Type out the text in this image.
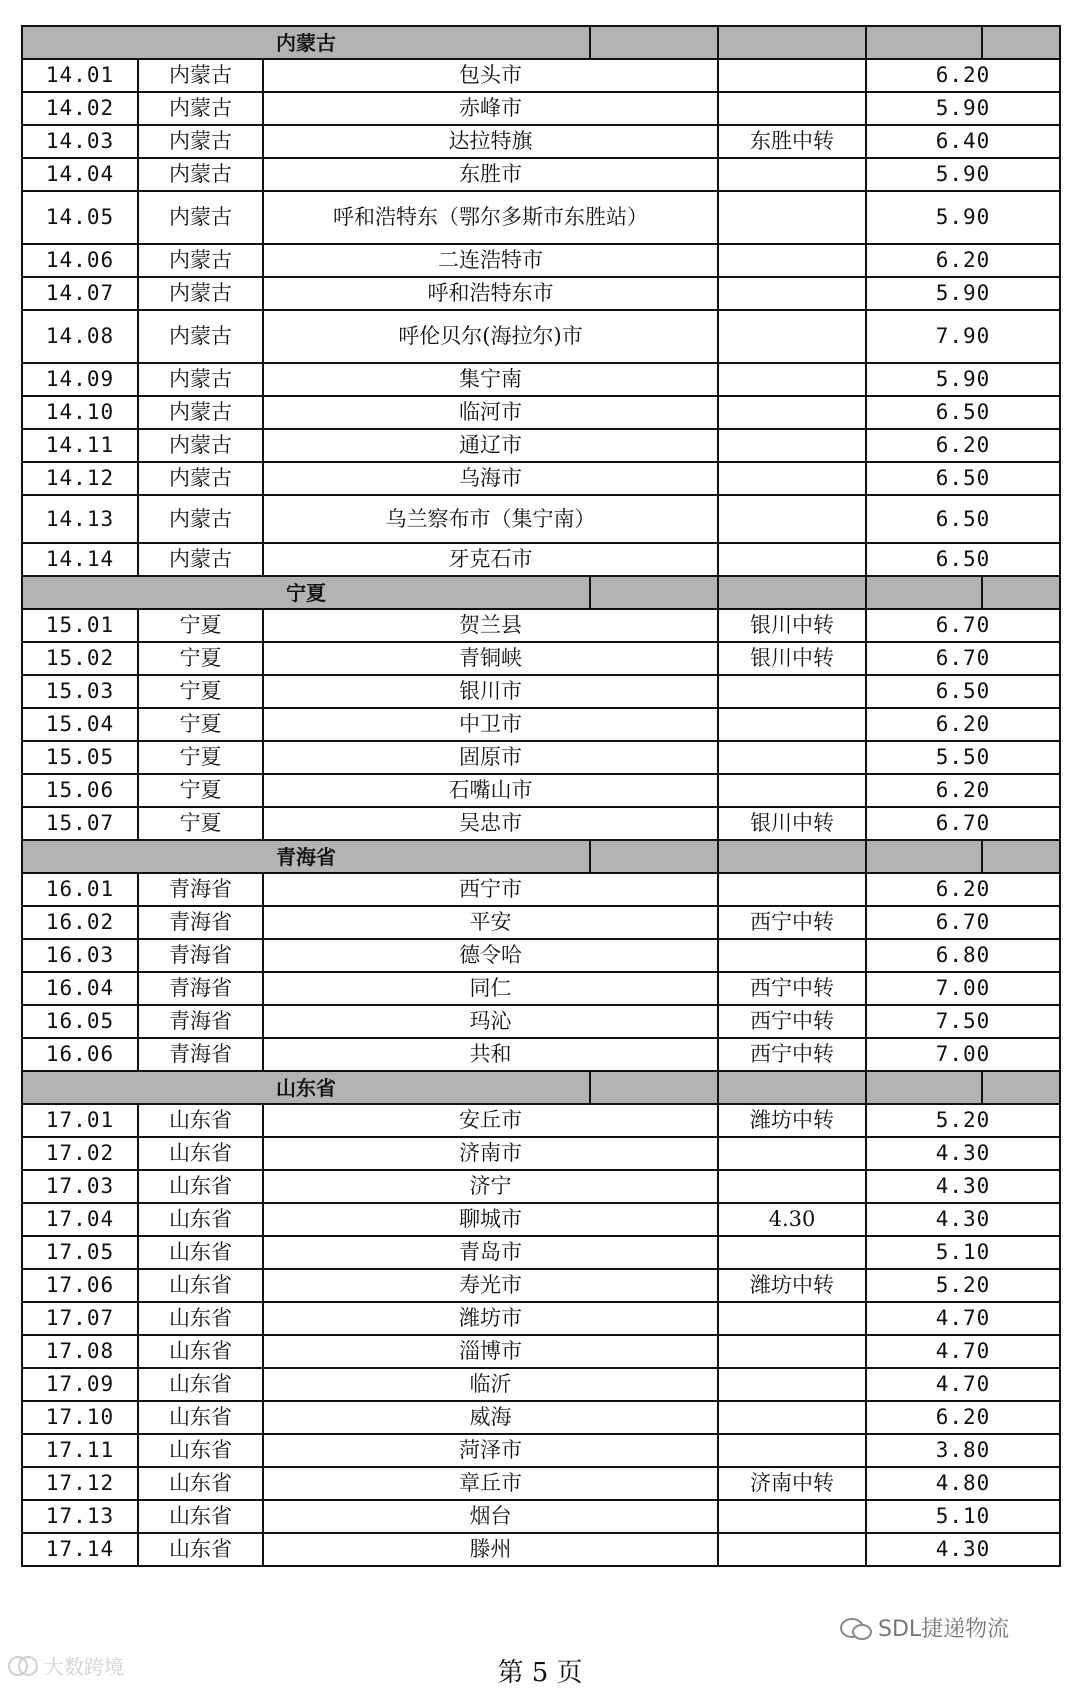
内蒙古							
14.01	内蒙古	包头市			6.20	
14.02	内蒙古	赤峰市			5.90	
14.03	内蒙古	达拉特旗		东胜中转	6.40	
14.04	内蒙古	东胜市			5.90	
14.05	内蒙古	呼和浩特东（鄂尔多斯市东胜站）			5.90	
14.06	内蒙古	二连浩特市			6.20	
14.07	内蒙古	呼和浩特东市			5.90	
14.08	内蒙古	呼伦贝尔(海拉尔)市			7.90	
14.09	内蒙古	集宁南			5.90	
14.10	内蒙古	临河市			6.50	
14.11	内蒙古	通辽市			6.20	
14.12	内蒙古	乌海市			6.50	
14.13	内蒙古	乌兰察布市（集宁南）			6.50	
14.14	内蒙古	牙克石市			6.50	
宁夏							
15.01	宁夏	贺兰县		银川中转	6.70	
15.02	宁夏	青铜峡		银川中转	6.70	
15.03	宁夏	银川市			6.50	
15.04	宁夏	中卫市			6.20	
15.05	宁夏	固原市			5.50	
15.06	宁夏	石嘴山市			6.20	
15.07	宁夏	吴忠市		银川中转	6.70	
青海省							
16.01	青海省	西宁市			6.20	
16.02	青海省	平安		西宁中转	6.70	
16.03	青海省	德令哈			6.80	
16.04	青海省	同仁		西宁中转	7.00	
16.05	青海省	玛沁		西宁中转	7.50	
16.06	青海省	共和		西宁中转	7.00	
山东省							
17.01	山东省	安丘市		潍坊中转	5.20	
17.02	山东省	济南市			4.30	
17.03	山东省	济宁			4.30	
17.04	山东省	聊城市		4.30	4.30	
17.05	山东省	青岛市			5.10	
17.06	山东省	寿光市		潍坊中转	5.20	
17.07	山东省	潍坊市			4.70	
17.08	山东省	淄博市			4.70	
17.09	山东省	临沂			4.70	
17.10	山东省	威海			6.20	
17.11	山东省	菏泽市			3.80	
17.12	山东省	章丘市		济南中转	4.80	
17.13	山东省	烟台			5.10	
17.14	山东省	滕州			4.30	
大数跨境
SDL捷递物流
第 5 页
